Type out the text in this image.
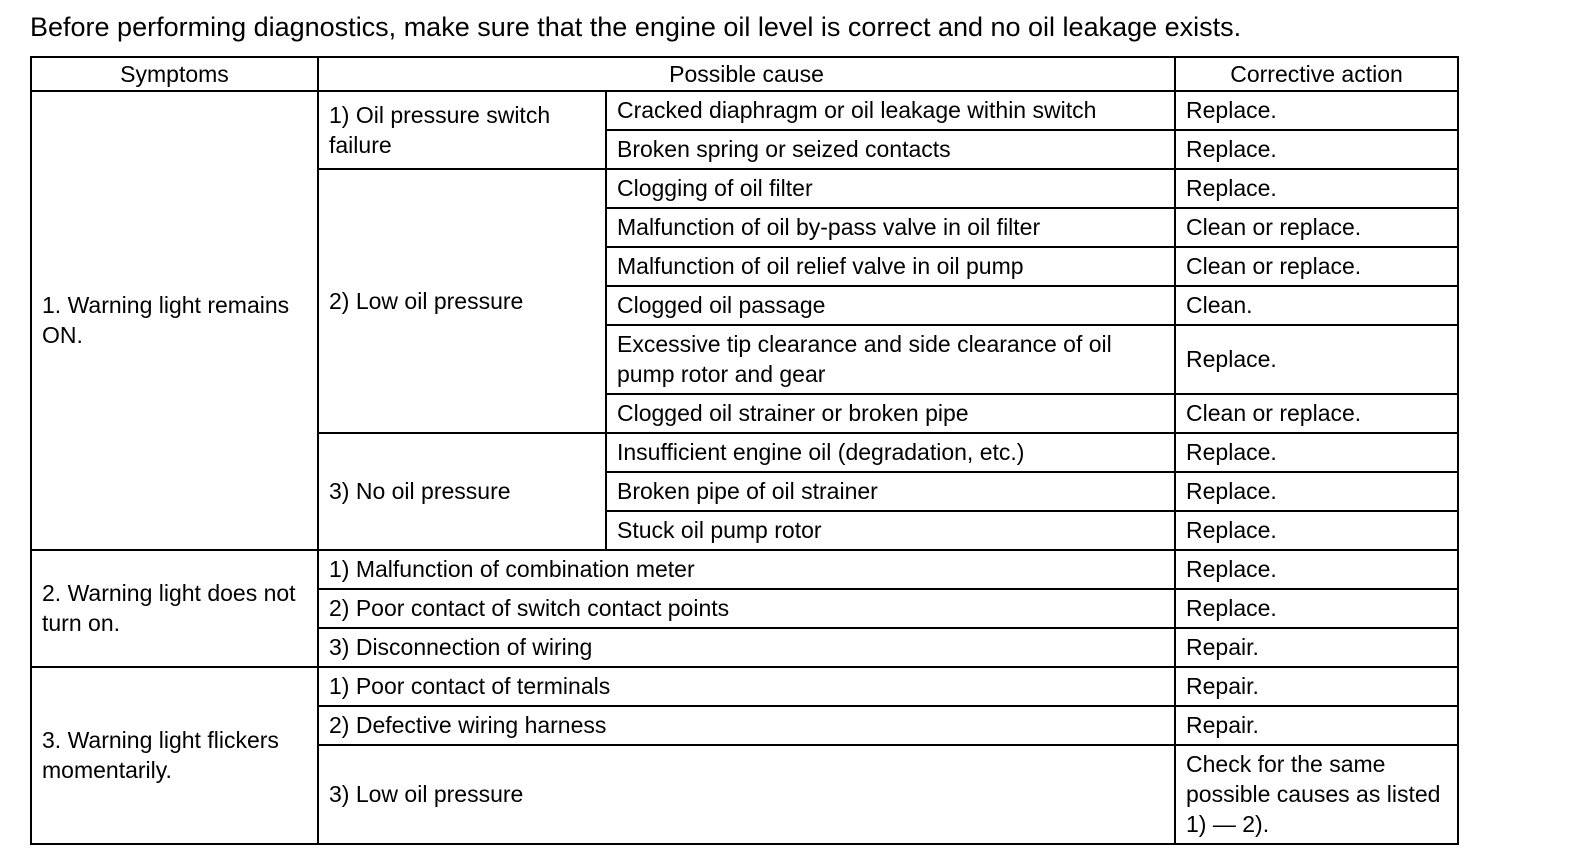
Before performing diagnostics, make sure that the engine oil level is correct and no oil leakage exists.

Symptoms	Possible cause		Corrective action
1. Warning light remains ON.	1) Oil pressure switch failure	Cracked diaphragm or oil leakage within switch	Replace.
		Broken spring or seized contacts	Replace.
	2) Low oil pressure	Clogging of oil filter	Replace.
		Malfunction of oil by-pass valve in oil filter	Clean or replace.
		Malfunction of oil relief valve in oil pump	Clean or replace.
		Clogged oil passage	Clean.
		Excessive tip clearance and side clearance of oil pump rotor and gear	Replace.
		Clogged oil strainer or broken pipe	Clean or replace.
	3) No oil pressure	Insufficient engine oil (degradation, etc.)	Replace.
		Broken pipe of oil strainer	Replace.
		Stuck oil pump rotor	Replace.
2. Warning light does not turn on.	1) Malfunction of combination meter		Replace.
	2) Poor contact of switch contact points		Replace.
	3) Disconnection of wiring		Repair.
3. Warning light flickers momentarily.	1) Poor contact of terminals		Repair.
	2) Defective wiring harness		Repair.
	3) Low oil pressure		Check for the same possible causes as listed 1) — 2).
